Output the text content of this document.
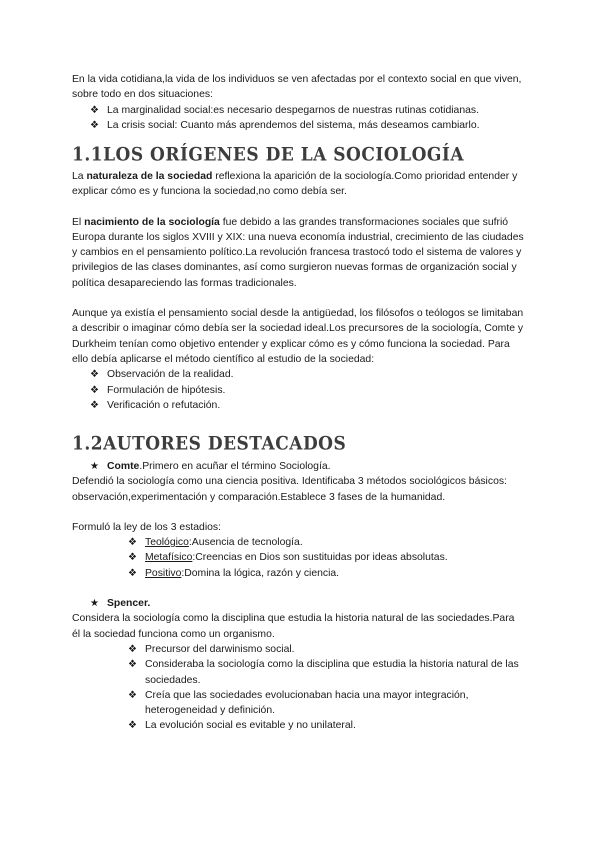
En la vida cotidiana,la vida de los individuos se ven afectadas por el contexto social en que viven, sobre todo en dos situaciones:

❖ La marginalidad social:es necesario despegarnos de nuestras rutinas cotidianas.
❖ La crisis social: Cuanto más aprendemos del sistema, más deseamos cambiarlo.
1.1LOS ORÍGENES DE LA SOCIOLOGÍA

La naturaleza de la sociedad reflexiona la aparición de la sociología.Como prioridad entender y explicar cómo es y funciona la sociedad,no como debía ser.

El nacimiento de la sociología fue debido a las grandes transformaciones sociales que sufrió Europa durante los siglos XVIII y XIX: una nueva economía industrial, crecimiento de las ciudades y cambios en el pensamiento político.La revolución francesa trastocó todo el sistema de valores y privilegios de las clases dominantes, así como surgieron nuevas formas de organización social y política desapareciendo las formas tradicionales.

Aunque ya existía el pensamiento social desde la antigüedad, los filósofos o teólogos se limitaban a describir o imaginar cómo debía ser la sociedad ideal.Los precursores de la sociología, Comte y Durkheim tenían como objetivo entender y explicar cómo es y cómo funciona la sociedad. Para ello debía aplicarse el método científico al estudio de la sociedad:

❖ Observación de la realidad.
❖ Formulación de hipótesis.
❖ Verificación o refutación.
1.2AUTORES DESTACADOS
★ Comte.Primero en acuñar el término Sociología.

Defendió la sociología como una ciencia positiva. Identificaba 3 métodos sociológicos básicos: observación,experimentación y comparación.Establece 3 fases de la humanidad.

Formuló la ley de los 3 estadios:

❖ Teológico:Ausencia de tecnología.
❖ Metafísico:Creencias en Dios son sustituidas por ideas absolutas.
❖ Positivo:Domina la lógica, razón y ciencia.
★ Spencer.

Considera la sociología como la disciplina que estudia la historia natural de las sociedades.Para él la sociedad funciona como un organismo.

❖ Precursor del darwinismo social.
❖ Consideraba la sociología como la disciplina que estudia la historia natural de las sociedades.
❖ Creía que las sociedades evolucionaban hacia una mayor integración, heterogeneidad y definición.
❖ La evolución social es evitable y no unilateral.
